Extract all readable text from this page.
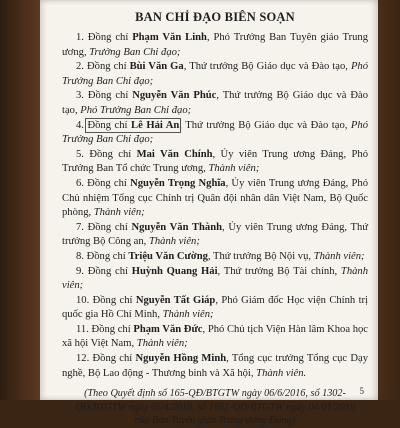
BAN CHỈ ĐẠO BIÊN SOẠN

1. Đồng chí Phạm Văn Linh, Phó Trưởng Ban Tuyên giáo Trung ương, Trưởng Ban Chỉ đạo;

2. Đồng chí Bùi Văn Ga, Thứ trưởng Bộ Giáo dục và Đào tạo, Phó Trưởng Ban Chỉ đạo;

3. Đồng chí Nguyễn Văn Phúc, Thứ trưởng Bộ Giáo dục và Đào tạo, Phó Trưởng Ban Chỉ đạo;

4. Đồng chí Lê Hải An, Thứ trưởng Bộ Giáo dục và Đào tạo, Phó Trưởng Ban Chỉ đạo;

5. Đồng chí Mai Văn Chính, Ủy viên Trung ương Đảng, Phó Trưởng Ban Tổ chức Trung ương, Thành viên;

6. Đồng chí Nguyễn Trọng Nghĩa, Ủy viên Trung ương Đảng, Phó Chủ nhiệm Tổng cục Chính trị Quân đội nhân dân Việt Nam, Bộ Quốc phòng, Thành viên;

7. Đồng chí Nguyễn Văn Thành, Ủy viên Trung ương Đảng, Thứ trưởng Bộ Công an, Thành viên;

8. Đồng chí Triệu Văn Cường, Thứ trưởng Bộ Nội vụ, Thành viên;

9. Đồng chí Huỳnh Quang Hải, Thứ trưởng Bộ Tài chính, Thành viên;

10. Đồng chí Nguyễn Tất Giáp, Phó Giám đốc Học viện Chính trị quốc gia Hồ Chí Minh, Thành viên;

11. Đồng chí Phạm Văn Đức, Phó Chủ tịch Viện Hàn lâm Khoa học xã hội Việt Nam, Thành viên;

12. Đồng chí Nguyễn Hồng Minh, Tổng cục trưởng Tổng cục Dạy nghề, Bộ Lao động - Thương binh và Xã hội, Thành viên.

(Theo Quyết định số 165-QĐ/BTGTW ngày 06/6/2016, số 1302-QĐ/BTGTW ngày 05/4/2018, số 1861-QĐ/BTGTW ngày 04/01/2019 của Ban Tuyên giáo Trung ương Đảng)
5
